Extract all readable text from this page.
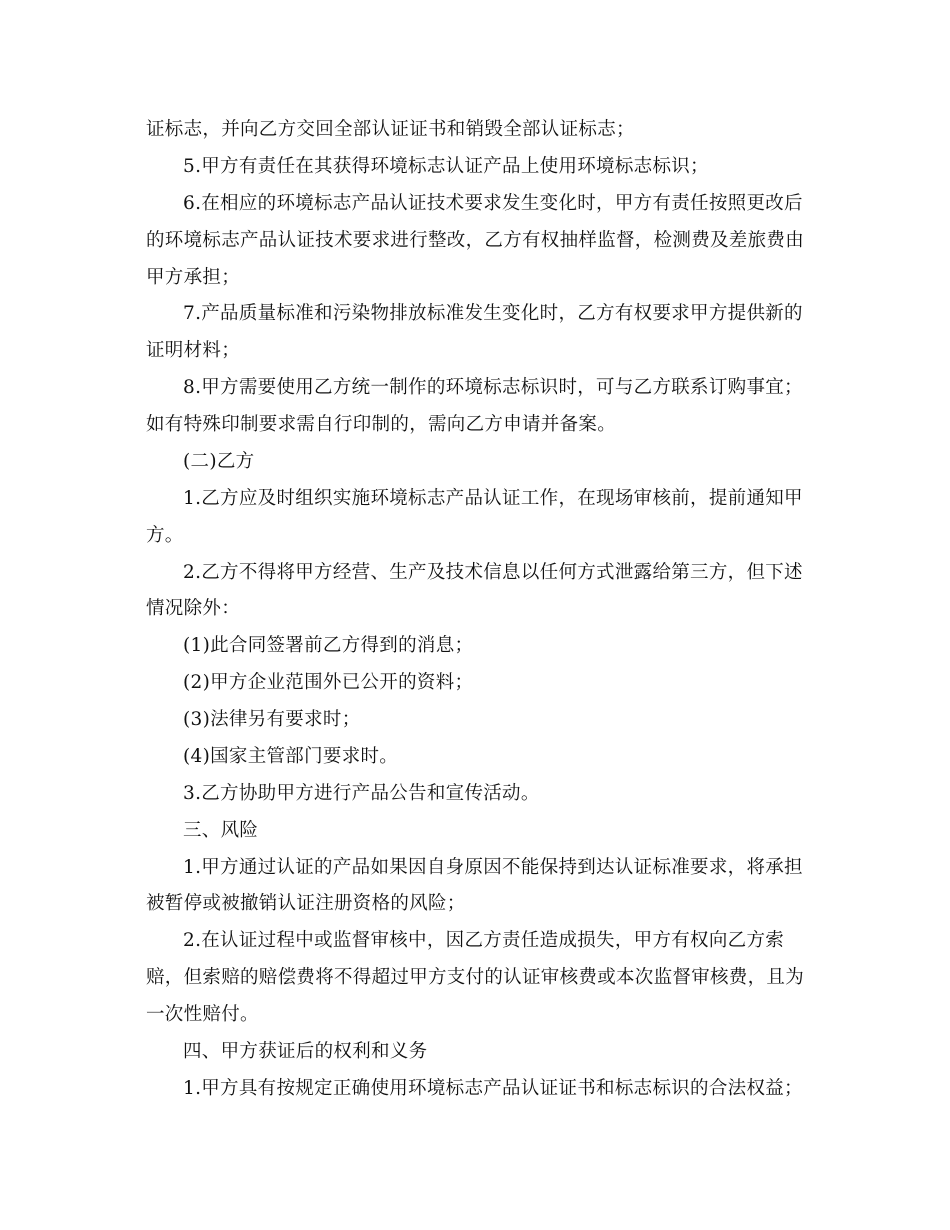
证标志，并向乙方交回全部认证证书和销毁全部认证标志；
5.甲方有责任在其获得环境标志认证产品上使用环境标志标识；
6.在相应的环境标志产品认证技术要求发生变化时，甲方有责任按照更改后
的环境标志产品认证技术要求进行整改，乙方有权抽样监督，检测费及差旅费由
甲方承担；
7.产品质量标准和污染物排放标准发生变化时，乙方有权要求甲方提供新的
证明材料；
8.甲方需要使用乙方统一制作的环境标志标识时，可与乙方联系订购事宜；
如有特殊印制要求需自行印制的，需向乙方申请并备案。
(二)乙方
1.乙方应及时组织实施环境标志产品认证工作，在现场审核前，提前通知甲
方。
2.乙方不得将甲方经营、生产及技术信息以任何方式泄露给第三方，但下述
情况除外：
(1)此合同签署前乙方得到的消息；
(2)甲方企业范围外已公开的资料；
(3)法律另有要求时；
(4)国家主管部门要求时。
3.乙方协助甲方进行产品公告和宣传活动。
三、风险
1.甲方通过认证的产品如果因自身原因不能保持到达认证标准要求，将承担
被暂停或被撤销认证注册资格的风险；
2.在认证过程中或监督审核中，因乙方责任造成损失，甲方有权向乙方索
赔，但索赔的赔偿费将不得超过甲方支付的认证审核费或本次监督审核费，且为
一次性赔付。
四、甲方获证后的权利和义务
1.甲方具有按规定正确使用环境标志产品认证证书和标志标识的合法权益；
